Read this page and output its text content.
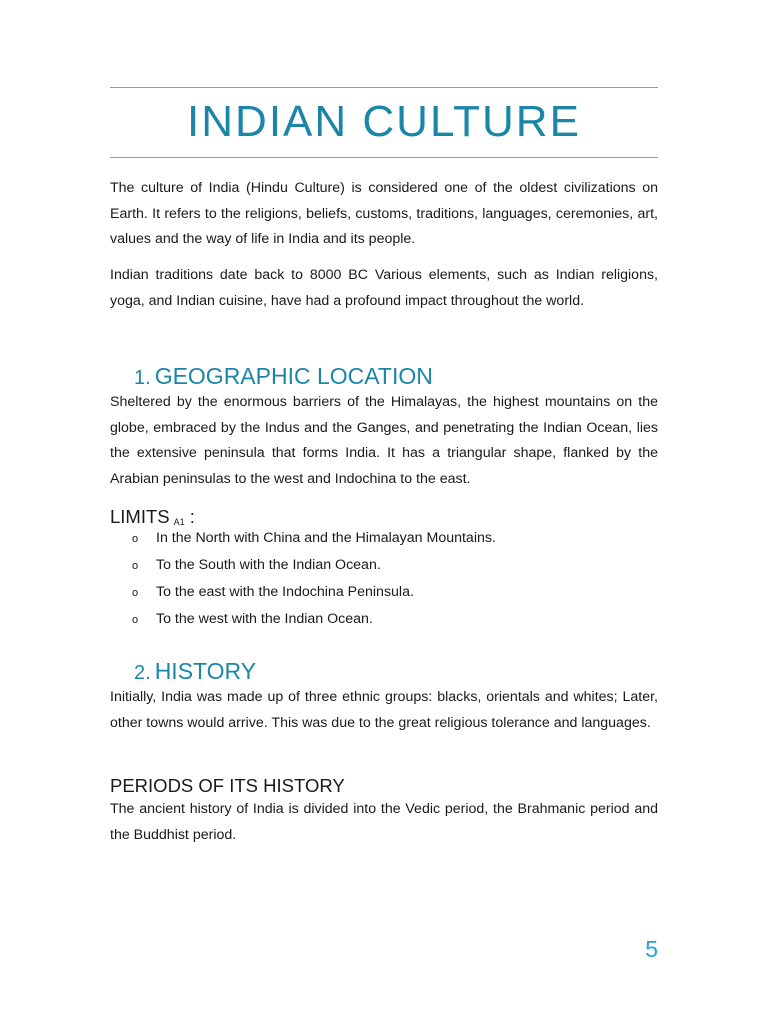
INDIAN CULTURE

The culture of India (Hindu Culture) is considered one of the oldest civilizations on Earth. It refers to the religions, beliefs, customs, traditions, languages, ceremonies, art, values and the way of life in India and its people.

Indian traditions date back to 8000 BC Various elements, such as Indian religions, yoga, and Indian cuisine, have had a profound impact throughout the world.

1. GEOGRAPHIC LOCATION

Sheltered by the enormous barriers of the Himalayas, the highest mountains on the globe, embraced by the Indus and the Ganges, and penetrating the Indian Ocean, lies the extensive peninsula that forms India. It has a triangular shape, flanked by the Arabian peninsulas to the west and Indochina to the east.

LIMITS A1 :
o In the North with China and the Himalayan Mountains.
o To the South with the Indian Ocean.
o To the east with the Indochina Peninsula.
o To the west with the Indian Ocean.
2. HISTORY

Initially, India was made up of three ethnic groups: blacks, orientals and whites; Later, other towns would arrive. This was due to the great religious tolerance and languages.

PERIODS OF ITS HISTORY

The ancient history of India is divided into the Vedic period, the Brahmanic period and the Buddhist period.

5
